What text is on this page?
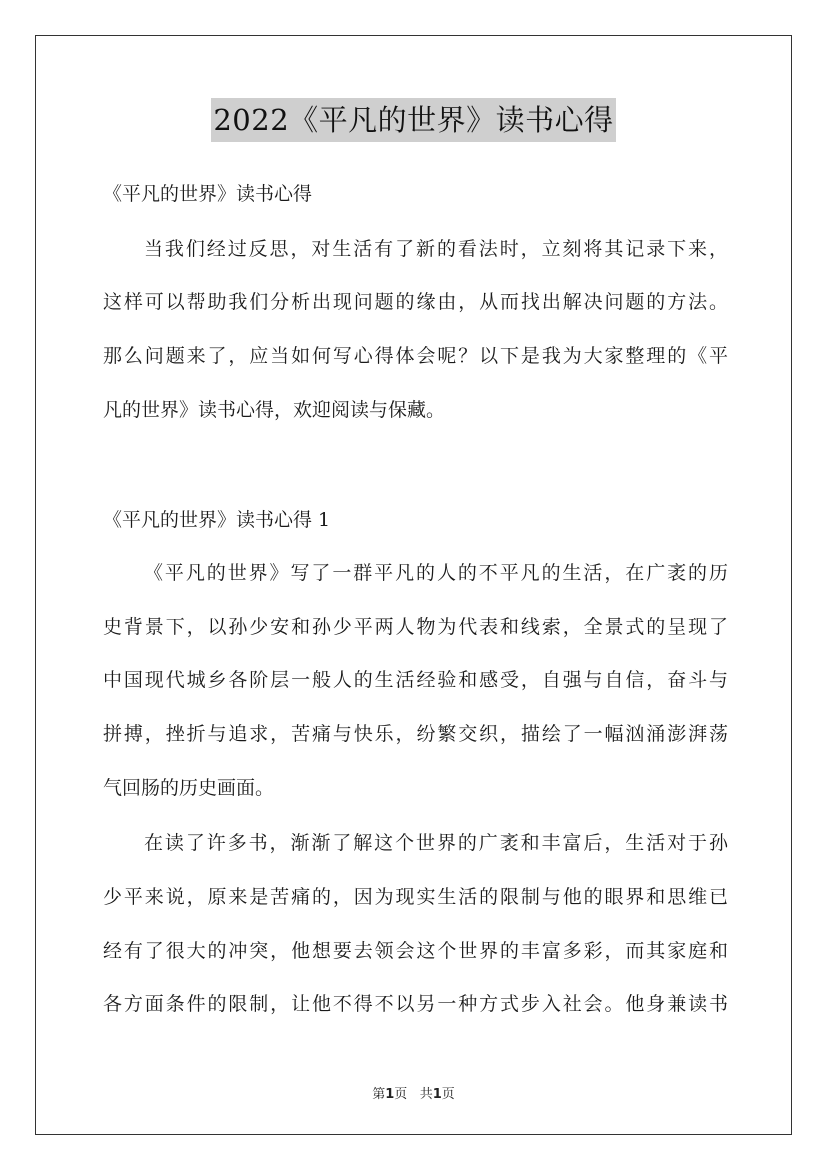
2022《平凡的世界》读书心得
《平凡的世界》读书心得
当我们经过反思，对生活有了新的看法时，立刻将其记录下来，
这样可以帮助我们分析出现问题的缘由，从而找出解决问题的方法。
那么问题来了，应当如何写心得体会呢？以下是我为大家整理的《平
凡的世界》读书心得，欢迎阅读与保藏。
《平凡的世界》读书心得 1
《平凡的世界》写了一群平凡的人的不平凡的生活，在广袤的历
史背景下，以孙少安和孙少平两人物为代表和线索，全景式的呈现了
中国现代城乡各阶层一般人的生活经验和感受，自强与自信，奋斗与
拼搏，挫折与追求，苦痛与快乐，纷繁交织，描绘了一幅汹涌澎湃荡
气回肠的历史画面。
在读了许多书，渐渐了解这个世界的广袤和丰富后，生活对于孙
少平来说，原来是苦痛的，因为现实生活的限制与他的眼界和思维已
经有了很大的冲突，他想要去领会这个世界的丰富多彩，而其家庭和
各方面条件的限制，让他不得不以另一种方式步入社会。他身兼读书
第1页 共1页
